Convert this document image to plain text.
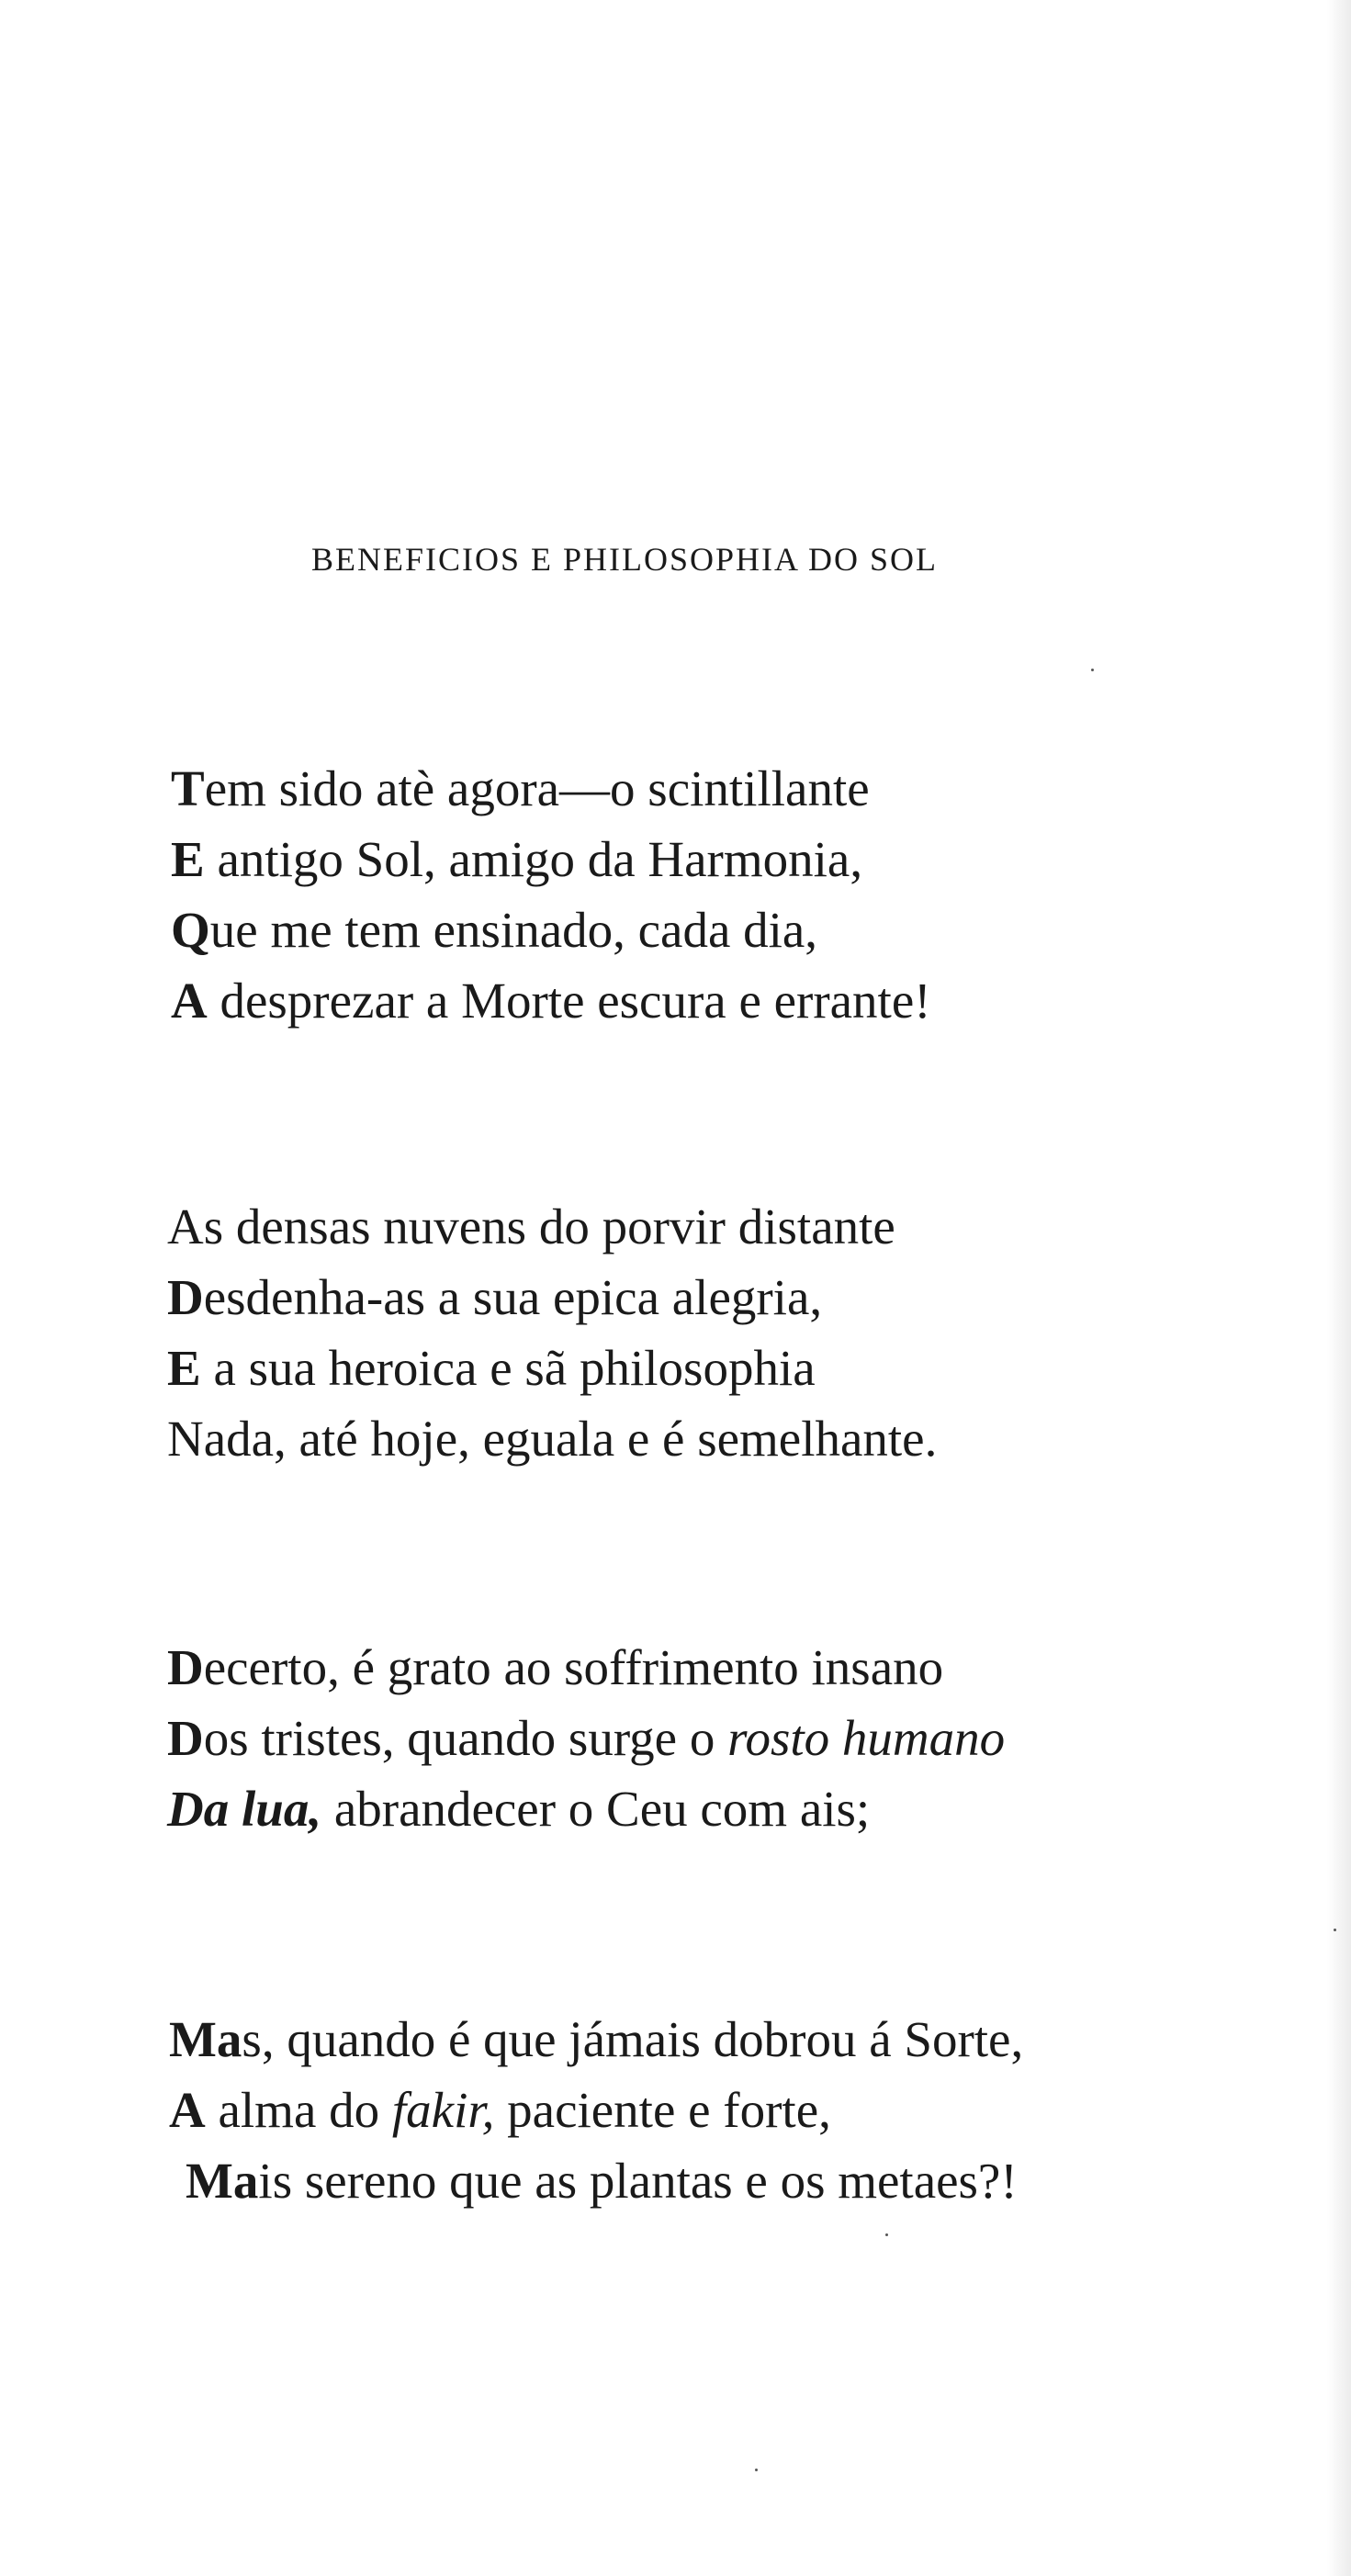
BENEFICIOS E PHILOSOPHIA DO SOL
Tem sido atè agora—o scintillante
E antigo Sol, amigo da Harmonia,
Que me tem ensinado, cada dia,
A desprezar a Morte escura e errante!
As densas nuvens do porvir distante
Desdenha-as a sua epica alegria,
E a sua heroica e sã philosophia
Nada, até hoje, eguala e é semelhante.
Decerto, é grato ao soffrimento insano
Dos tristes, quando surge o rosto humano
Da lua, abrandecer o Ceu com ais;
Mas, quando é que jámais dobrou á Sorte,
A alma do fakir, paciente e forte,
Mais sereno que as plantas e os metaes?!
